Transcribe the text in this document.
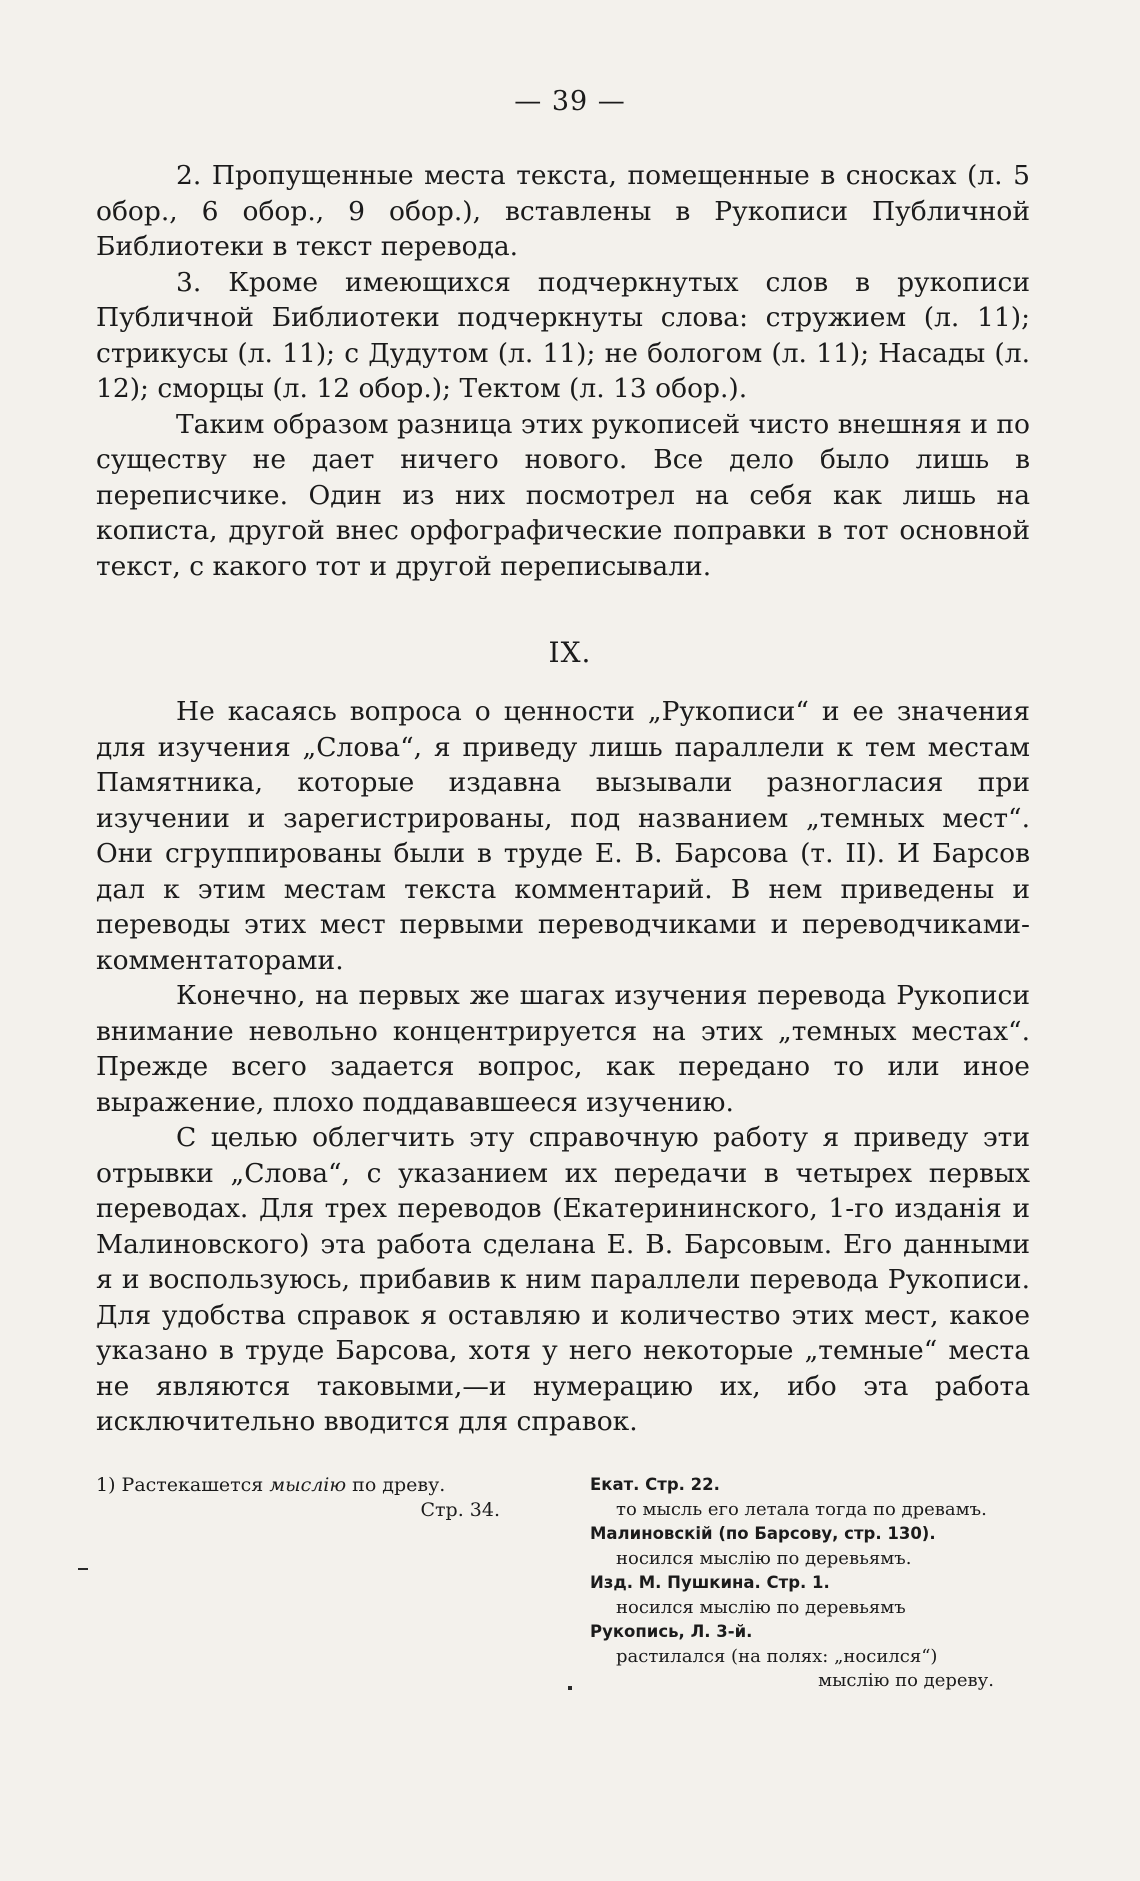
— 39 —

2. Пропущенные места текста, помещенные в сносках (л. 5 обор., 6 обор., 9 обор.), вставлены в Рукописи Публичной Библиотеки в текст перевода.

3. Кроме имеющихся подчеркнутых слов в рукописи Публичной Библиотеки подчеркнуты слова: стружием (л. 11); стрикусы (л. 11); с Дудутом (л. 11); не бологом (л. 11); Насады (л. 12); сморцы (л. 12 обор.); Тектом (л. 13 обор.).

Таким образом разница этих рукописей чисто внешняя и по существу не дает ничего нового. Все дело было лишь в переписчике. Один из них посмотрел на себя как лишь на кописта, другой внес орфографические поправки в тот основной текст, с какого тот и другой переписывали.

IX.

Не касаясь вопроса о ценности „Рукописи“ и ее значения для изучения „Слова“, я приведу лишь параллели к тем местам Памятника, которые издавна вызывали разногласия при изучении и зарегистрированы, под названием „темных мест“. Они сгруппированы были в труде Е. В. Барсова (т. II). И Барсов дал к этим местам текста комментарий. В нем приведены и переводы этих мест первыми переводчиками и переводчиками-комментаторами.

Конечно, на первых же шагах изучения перевода Рукописи внимание невольно концентрируется на этих „темных местах“. Прежде всего задается вопрос, как передано то или иное выражение, плохо поддававшееся изучению.

С целью облегчить эту справочную работу я приведу эти отрывки „Слова“, с указанием их передачи в четырех первых переводах. Для трех переводов (Екатерининского, 1-го изданія и Малиновского) эта работа сделана Е. В. Барсовым. Его данными я и воспользуюсь, прибавив к ним параллели перевода Рукописи. Для удобства справок я оставляю и количество этих мест, какое указано в труде Барсова, хотя у него некоторые „темные“ места не являются таковыми,—и нумерацию их, ибо эта работа исключительно вводится для справок.

1) Растекашется мыслію по древу.
Стр. 34.
Екат. Стр. 22.
то мысль его летала тогда по древамъ.
Малиновскій (по Барсову, стр. 130).
носился мыслію по деревьямъ.
Изд. М. Пушкина. Стр. 1.
носился мыслію по деревьямъ
Рукопись, Л. 3-й.
растилался (на полях: „носился“)
мыслію по дереву.
